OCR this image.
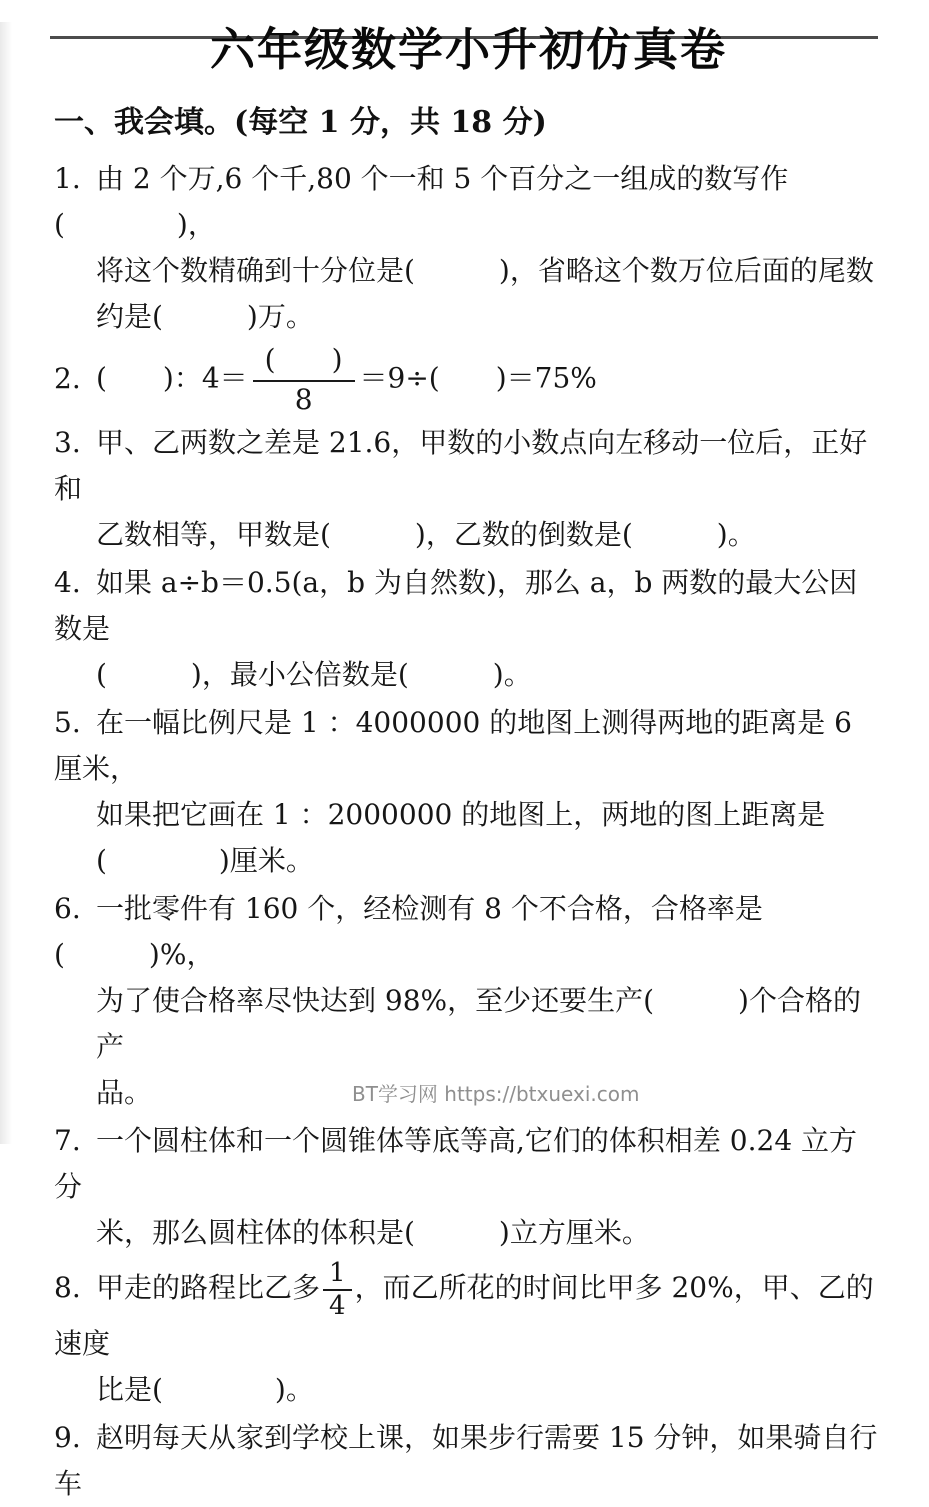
六年级数学小升初仿真卷
一、我会填。(每空 1 分，共 18 分)
1. 由 2 个万,6 个千,80 个一和 5 个百分之一组成的数写作(　　　　)，
将这个数精确到十分位是(　　　)，省略这个数万位后面的尾数
约是(　　　)万。
2. (　　)：$4= \frac{( )}{8} =9\div$(　　)＝75%
3. 甲、乙两数之差是 21.6，甲数的小数点向左移动一位后，正好和
乙数相等，甲数是(　　　)，乙数的倒数是(　　　)。
4. 如果 a÷b＝0.5(a，b 为自然数)，那么 a，b 两数的最大公因数是
(　　　)，最小公倍数是(　　　)。
5. 在一幅比例尺是 1 ：4000000 的地图上测得两地的距离是 6 厘米，
如果把它画在 1 ：2000000 的地图上，两地的图上距离是
(　　　　)厘米。
6. 一批零件有 160 个，经检测有 8 个不合格，合格率是(　　　)%，
为了使合格率尽快达到 98%，至少还要生产(　　　)个合格的产
品。
7. 一个圆柱体和一个圆锥体等底等高,它们的体积相差 0.24 立方分
米，那么圆柱体的体积是(　　　)立方厘米。
8. 甲走的路程比乙多 $\frac{1}{4}$ ，而乙所花的时间比甲多 20%，甲、乙的速度
比是(　　　　)。
9. 赵明每天从家到学校上课，如果步行需要 15 分钟，如果骑自行车
BT学习网 https://btxuexi.com
